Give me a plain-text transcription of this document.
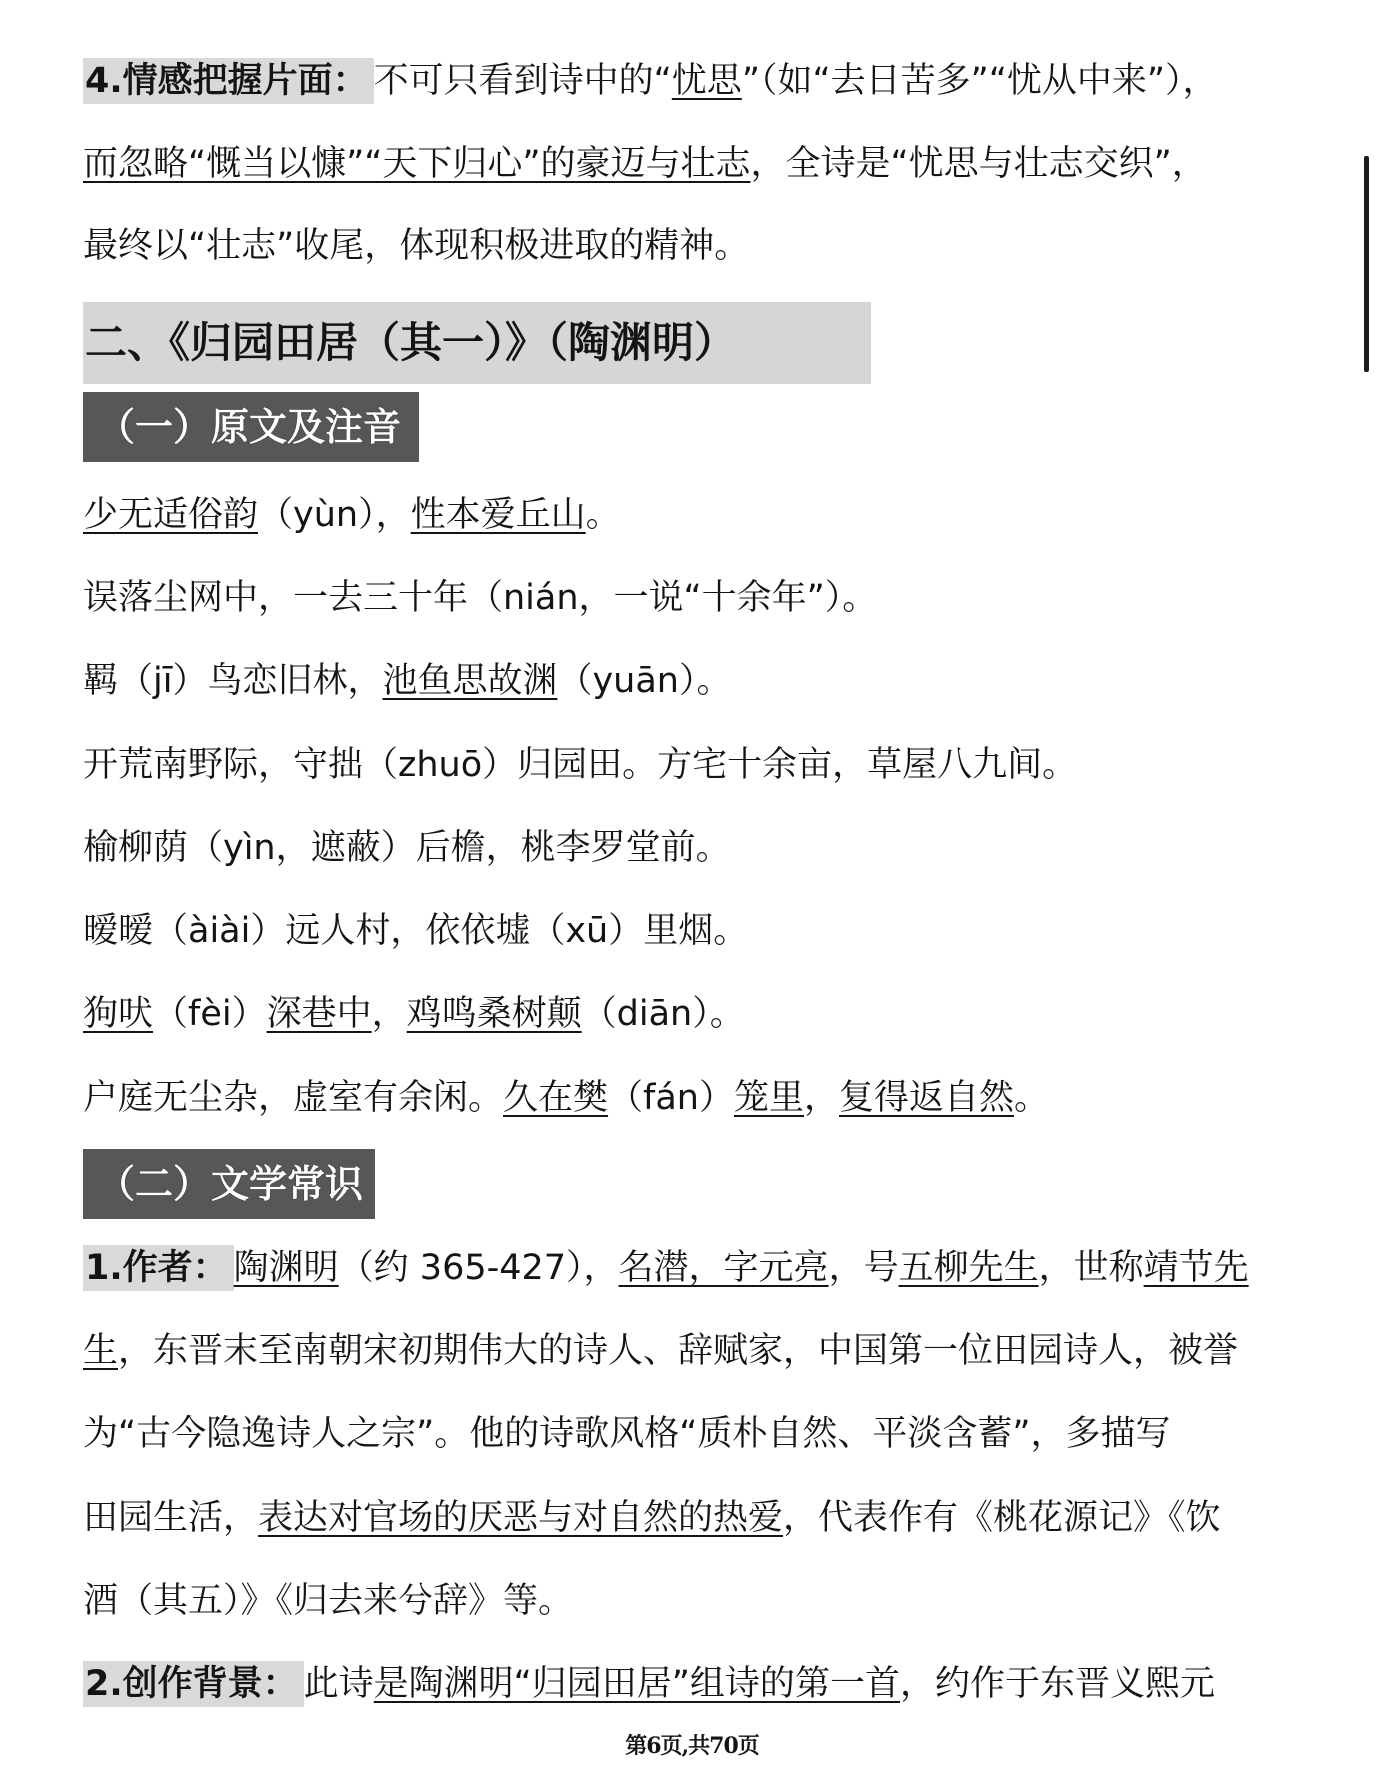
4.情感把握片面： 不可只看到诗中的“忧思”（如“去日苦多”“忧从中来”），
而忽略“慨当以慷”“天下归心”的豪迈与壮志，全诗是“忧思与壮志交织”，
最终以“壮志”收尾，体现积极进取的精神。
二、《归园田居（其一）》（陶渊明）
（一）原文及注音
少无适俗韵（yùn），性本爱丘山。
误落尘网中，一去三十年（nián，一说“十余年”）。
羁（jī）鸟恋旧林，池鱼思故渊（yuān）。
开荒南野际，守拙（zhuō）归园田。方宅十余亩，草屋八九间。
榆柳荫（yìn，遮蔽）后檐，桃李罗堂前。
暧暧（àiài）远人村，依依墟（xū）里烟。
狗吠（fèi）深巷中，鸡鸣桑树颠（diān）。
户庭无尘杂，虚室有余闲。久在樊（fán）笼里，复得返自然。
（二）文学常识
1.作者： 陶渊明（约 365-427），名潜，字元亮，号五柳先生，世称靖节先
生，东晋末至南朝宋初期伟大的诗人、辞赋家，中国第一位田园诗人，被誉
为“古今隐逸诗人之宗”。他的诗歌风格“质朴自然、平淡含蓄”，多描写
田园生活，表达对官场的厌恶与对自然的热爱，代表作有《桃花源记》《饮
酒（其五）》《归去来兮辞》等。
2.创作背景： 此诗是陶渊明“归园田居”组诗的第一首，约作于东晋义熙元
第6页,共70页
